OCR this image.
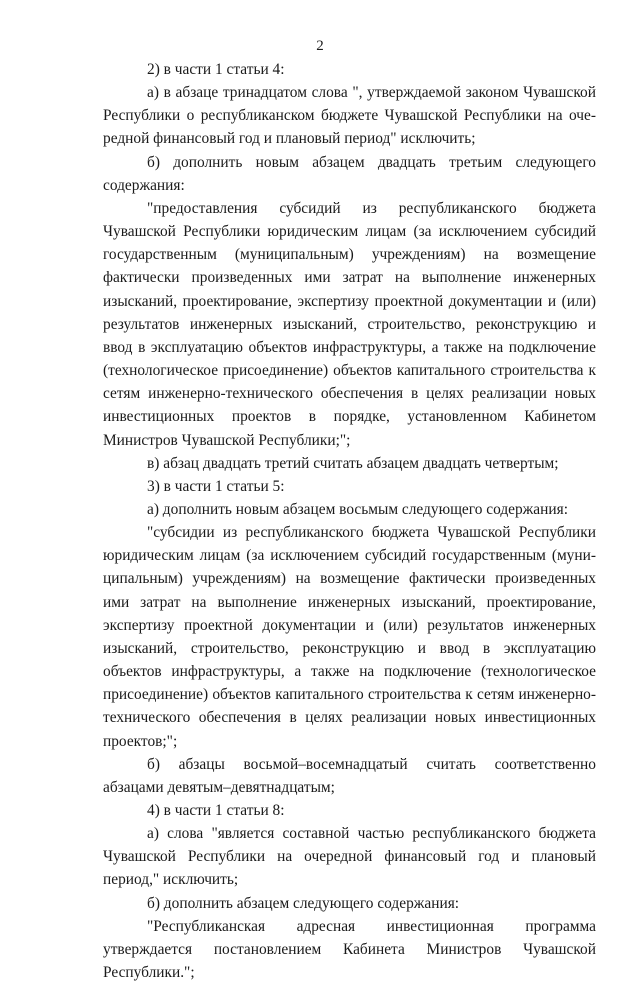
2

2) в части 1 статьи 4:

а) в абзаце тринадцатом слова ", утверждаемой законом Чувашской Республики о республиканском бюджете Чувашской Республики на очередной финансовый год и плановый период" исключить;

б) дополнить новым абзацем двадцать третьим следующего содержания:

"предоставления субсидий из республиканского бюджета Чувашской Республики юридическим лицам (за исключением субсидий государственным (муниципальным) учреждениям) на возмещение фактически произведенных ими затрат на выполнение инженерных изысканий, проектирование, экспертизу проектной документации и (или) результатов инженерных изысканий, строительство, реконструкцию и ввод в эксплуатацию объектов инфраструктуры, а также на подключение (технологическое присоединение) объектов капитального строительства к сетям инженерно-технического обеспечения в целях реализации новых инвестиционных проектов в порядке, установленном Кабинетом Министров Чувашской Республики;";

в) абзац двадцать третий считать абзацем двадцать четвертым;

3) в части 1 статьи 5:

а) дополнить новым абзацем восьмым следующего содержания:

"субсидии из республиканского бюджета Чувашской Республики юридическим лицам (за исключением субсидий государственным (муниципальным) учреждениям) на возмещение фактически произведенных ими затрат на выполнение инженерных изысканий, проектирование, экспертизу проектной документации и (или) результатов инженерных изысканий, строительство, реконструкцию и ввод в эксплуатацию объектов инфраструктуры, а также на подключение (технологическое присоединение) объектов капитального строительства к сетям инженерно-технического обеспечения в целях реализации новых инвестиционных проектов;";

б) абзацы восьмой–восемнадцатый считать соответственно абзацами девятым–девятнадцатым;

4) в части 1 статьи 8:

а) слова "является составной частью республиканского бюджета Чувашской Республики на очередной финансовый год и плановый период," исключить;

б) дополнить абзацем следующего содержания:

"Республиканская адресная инвестиционная программа утверждается постановлением Кабинета Министров Чувашской Республики.";
